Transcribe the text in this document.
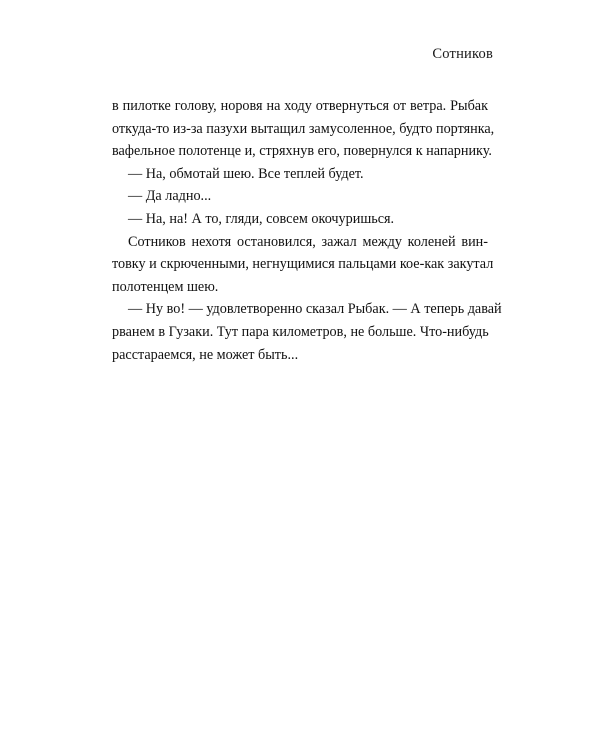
Сотников
в пилотке голову, норовя на ходу отвернуться от ветра. Рыбак
откуда-то из-за пазухи вытащил замусоленное, будто портянка,
вафельное полотенце и, стряхнув его, повернулся к напарнику.
— На, обмотай шею. Все теплей будет.
— Да ладно...
— На, на! А то, гляди, совсем окочуришься.
Сотников нехотя остановился, зажал между коленей вин-
товку и скрюченными, негнущимися пальцами кое-как закутал
полотенцем шею.
— Ну во! — удовлетворенно сказал Рыбак. — А теперь давай
рванем в Гузаки. Тут пара километров, не больше. Что-нибудь
расстараемся, не может быть...
